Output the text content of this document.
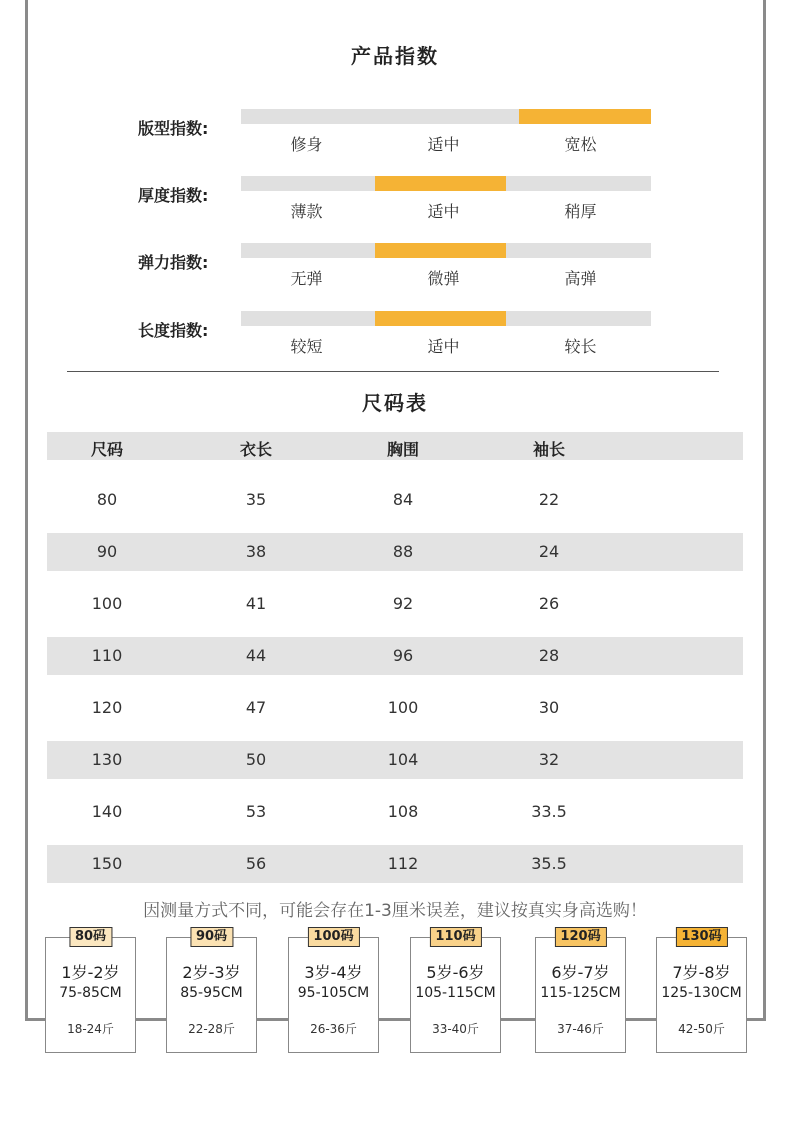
产品指数
版型指数:
修身	适中	宽松
厚度指数:
薄款	适中	稍厚
弹力指数:
无弹	微弹	高弹
长度指数:
较短	适中	较长
尺码表
尺码	衣长	胸围	袖长
80	35	84	22
90	38	88	24
100	41	92	26
110	44	96	28
120	47	100	30
130	50	104	32
140	53	108	33.5
150	56	112	35.5
因测量方式不同，可能会存在1-3厘米误差，建议按真实身高选购！
80码
1岁-2岁
75-85CM
18-24斤
90码
2岁-3岁
85-95CM
22-28斤
100码
3岁-4岁
95-105CM
26-36斤
110码
5岁-6岁
105-115CM
33-40斤
120码
6岁-7岁
115-125CM
37-46斤
130码
7岁-8岁
125-130CM
42-50斤
